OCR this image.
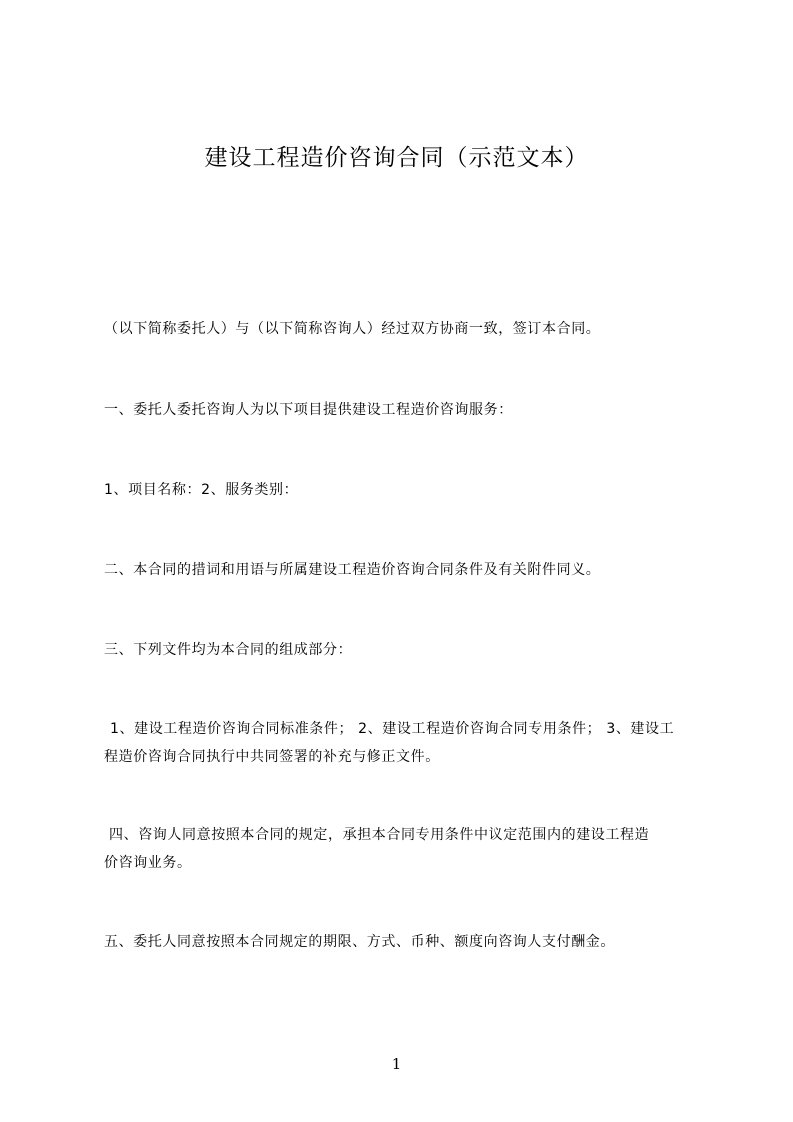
建设工程造价咨询合同（示范文本）

（以下简称委托人）与（以下简称咨询人）经过双方协商一致，签订本合同。

一、委托人委托咨询人为以下项目提供建设工程造价咨询服务：

1、项目名称：2、服务类别：

二、本合同的措词和用语与所属建设工程造价咨询合同条件及有关附件同义。

三、下列文件均为本合同的组成部分：

1、建设工程造价咨询合同标准条件； 2、建设工程造价咨询合同专用条件； 3、建设工
程造价咨询合同执行中共同签署的补充与修正文件。

四、咨询人同意按照本合同的规定，承担本合同专用条件中议定范围内的建设工程造
价咨询业务。

五、委托人同意按照本合同规定的期限、方式、币种、额度向咨询人支付酬金。

1
